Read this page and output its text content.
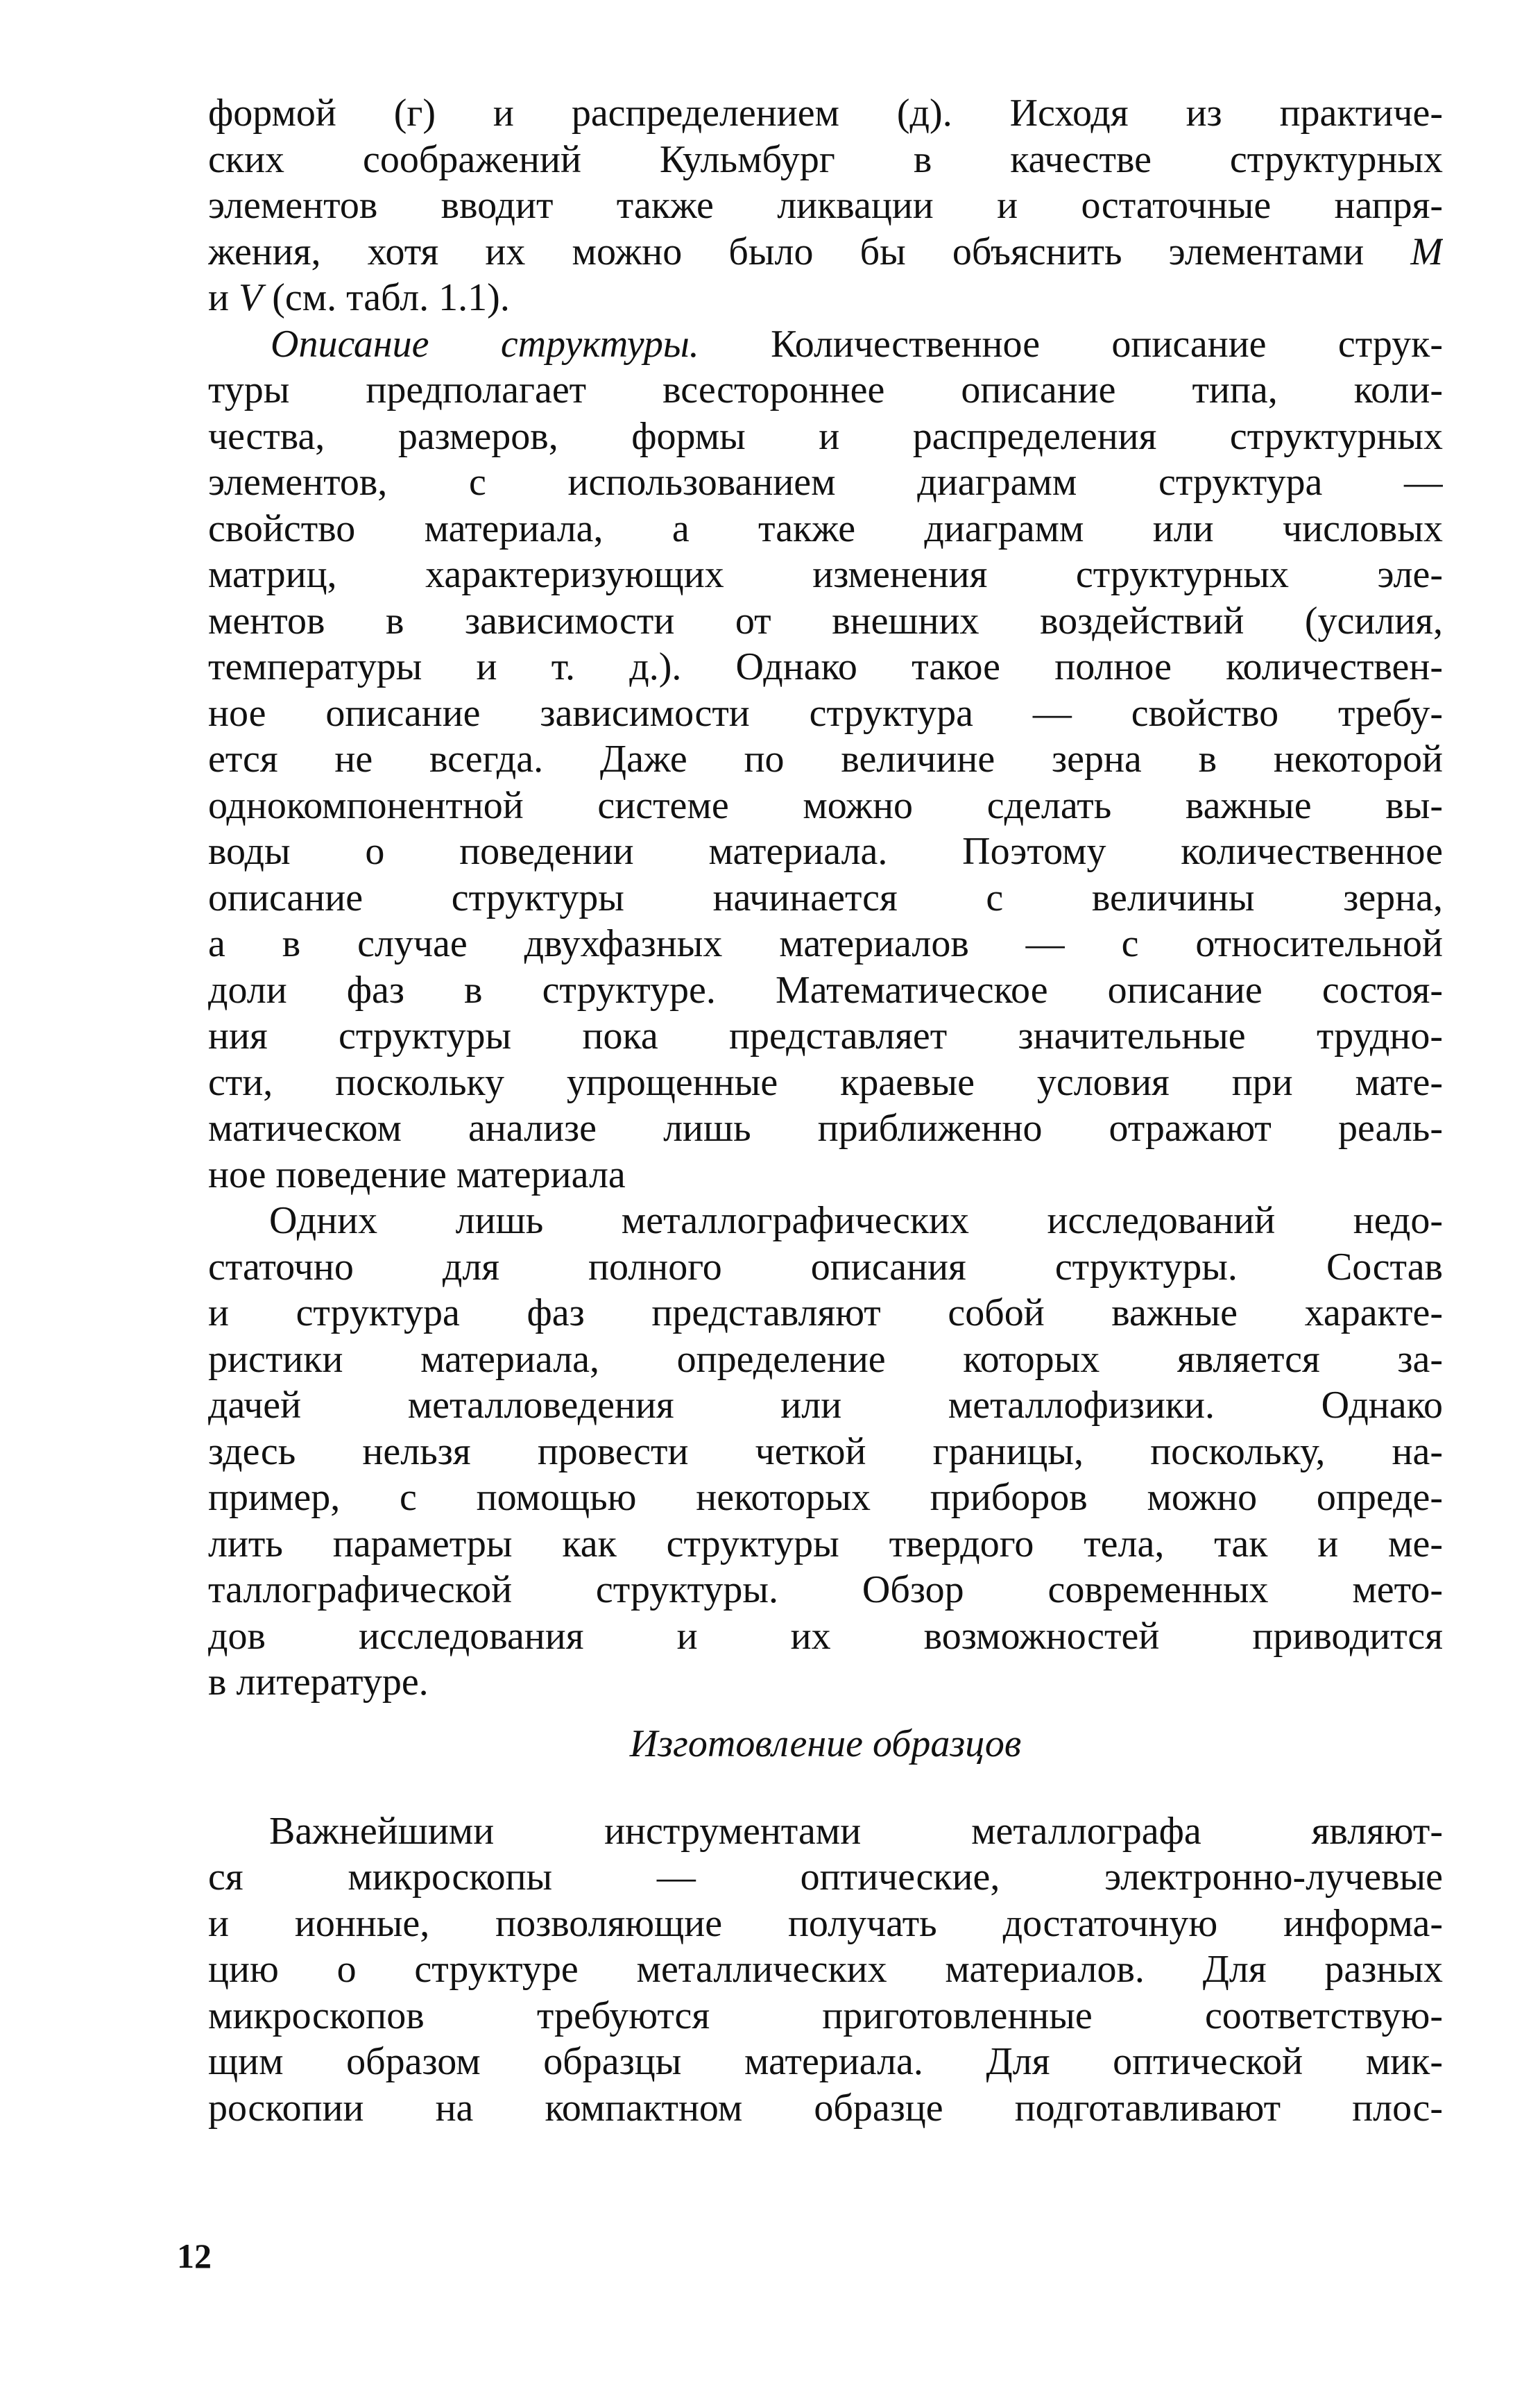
формой (г) и распределением (д). Исходя из практиче-
ских соображений Кульмбург в качестве структурных
элементов вводит также ликвации и остаточные напря-
жения, хотя их можно было бы объяснить элементами M
и V (см. табл. 1.1).
Описание структуры. Количественное описание струк-
туры предполагает всестороннее описание типа, коли-
чества, размеров, формы и распределения структурных
элементов, с использованием диаграмм структура —
свойство материала, а также диаграмм или числовых
матриц, характеризующих изменения структурных эле-
ментов в зависимости от внешних воздействий (усилия,
температуры и т. д.). Однако такое полное количествен-
ное описание зависимости структура — свойство требу-
ется не всегда. Даже по величине зерна в некоторой
однокомпонентной системе можно сделать важные вы-
воды о поведении материала. Поэтому количественное
описание структуры начинается с величины зерна,
а в случае двухфазных материалов — с относительной
доли фаз в структуре. Математическое описание состоя-
ния структуры пока представляет значительные трудно-
сти, поскольку упрощенные краевые условия при мате-
матическом анализе лишь приближенно отражают реаль-
ное поведение материала
Одних лишь металлографических исследований недо-
статочно для полного описания структуры. Состав
и структура фаз представляют собой важные характе-
ристики материала, определение которых является за-
дачей металловедения или металлофизики. Однако
здесь нельзя провести четкой границы, поскольку, на-
пример, с помощью некоторых приборов можно опреде-
лить параметры как структуры твердого тела, так и ме-
таллографической структуры. Обзор современных мето-
дов исследования и их возможностей приводится
в литературе.
Изготовление образцов
Важнейшими инструментами металлографа являют-
ся микроскопы — оптические, электронно-лучевые
и ионные, позволяющие получать достаточную информа-
цию о структуре металлических материалов. Для разных
микроскопов требуются приготовленные соответствую-
щим образом образцы материала. Для оптической мик-
роскопии на компактном образце подготавливают плос-
12
